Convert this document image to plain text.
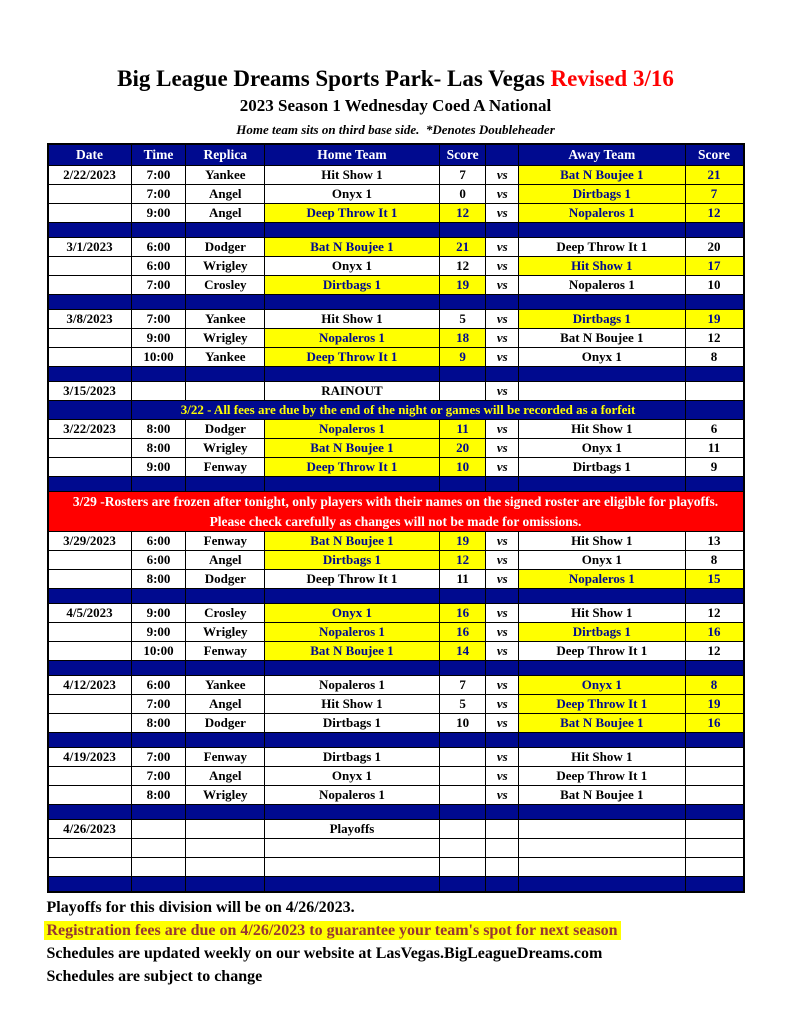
Big League Dreams Sports Park- Las Vegas Revised 3/16
2023 Season 1 Wednesday Coed A National

Home team sits on third base side.  *Denotes Doubleheader

Date	Time	Replica	Home Team	Score		Away Team	Score
2/22/2023	7:00	Yankee	Hit Show 1	7	vs	Bat N Boujee 1	21
	7:00	Angel	Onyx 1	0	vs	Dirtbags 1	7
	9:00	Angel	Deep Throw It 1	12	vs	Nopaleros 1	12

3/1/2023	6:00	Dodger	Bat N Boujee 1	21	vs	Deep Throw It 1	20
	6:00	Wrigley	Onyx 1	12	vs	Hit Show 1	17
	7:00	Crosley	Dirtbags 1	19	vs	Nopaleros 1	10

3/8/2023	7:00	Yankee	Hit Show 1	5	vs	Dirtbags 1	19
	9:00	Wrigley	Nopaleros 1	18	vs	Bat N Boujee 1	12
	10:00	Yankee	Deep Throw It 1	9	vs	Onyx 1	8

3/15/2023			RAINOUT		vs		
	3/22 - All fees are due by the end of the night or games will be recorded as a forfeit						
3/22/2023	8:00	Dodger	Nopaleros 1	11	vs	Hit Show 1	6
	8:00	Wrigley	Bat N Boujee 1	20	vs	Onyx 1	11
	9:00	Fenway	Deep Throw It 1	10	vs	Dirtbags 1	9

3/29 -Rosters are frozen after tonight, only players with their names on the signed roster are eligible for playoffs.
Please check carefully as changes will not be made for omissions.							

3/29/2023	6:00	Fenway	Bat N Boujee 1	19	vs	Hit Show 1	13
	6:00	Angel	Dirtbags 1	12	vs	Onyx 1	8
	8:00	Dodger	Deep Throw It 1	11	vs	Nopaleros 1	15

4/5/2023	9:00	Crosley	Onyx 1	16	vs	Hit Show 1	12
	9:00	Wrigley	Nopaleros 1	16	vs	Dirtbags 1	16
	10:00	Fenway	Bat N Boujee 1	14	vs	Deep Throw It 1	12

4/12/2023	6:00	Yankee	Nopaleros 1	7	vs	Onyx 1	8
	7:00	Angel	Hit Show 1	5	vs	Deep Throw It 1	19
	8:00	Dodger	Dirtbags 1	10	vs	Bat N Boujee 1	16

4/19/2023	7:00	Fenway	Dirtbags 1		vs	Hit Show 1	
	7:00	Angel	Onyx 1		vs	Deep Throw It 1	
	8:00	Wrigley	Nopaleros 1		vs	Bat N Boujee 1	

4/26/2023			Playoffs				

Playoffs for this division will be on 4/26/2023.

Registration fees are due on 4/26/2023 to guarantee your team's spot for next season

Schedules are updated weekly on our website at LasVegas.BigLeagueDreams.com

Schedules are subject to change
